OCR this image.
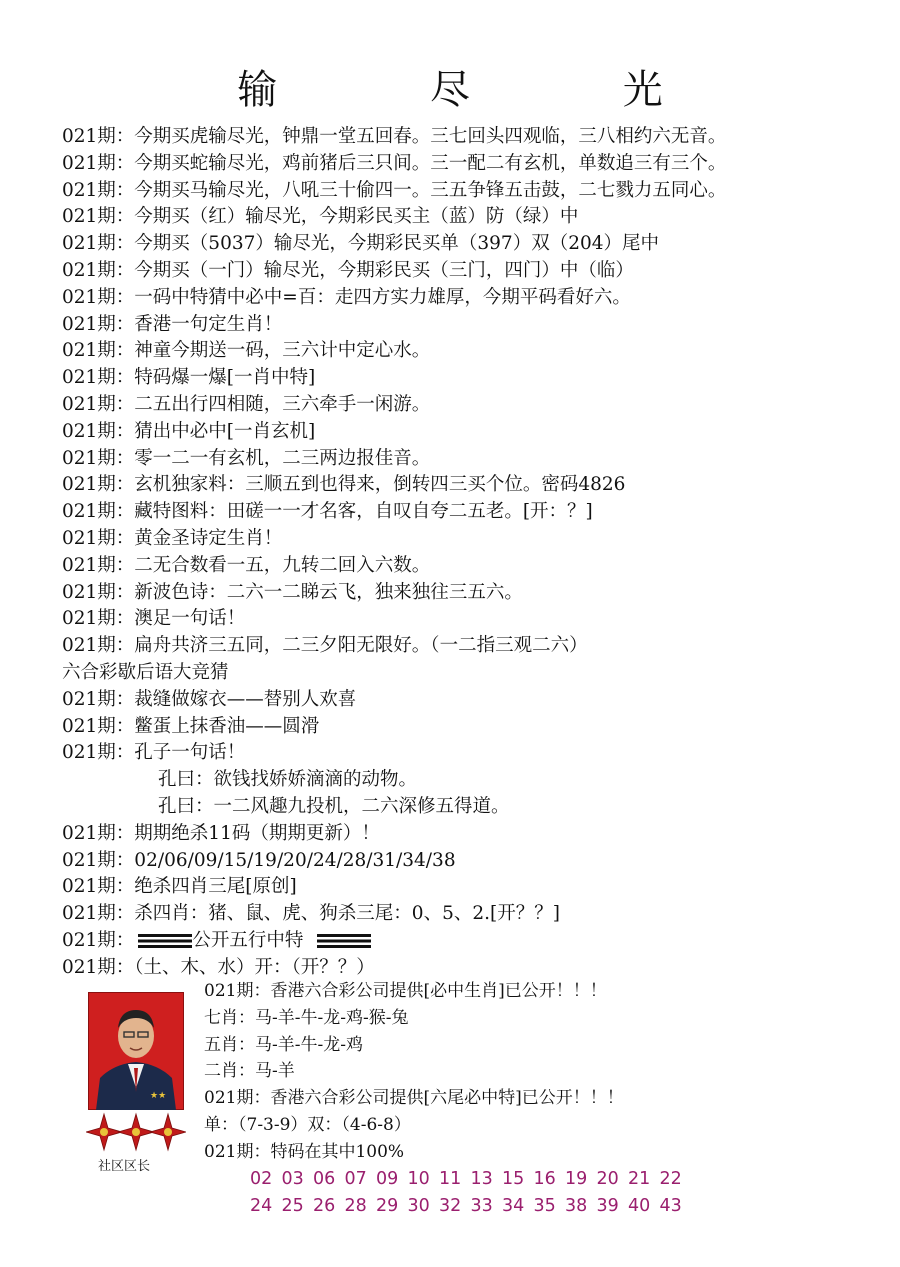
输 尽 光
021期：今期买虎输尽光，钟鼎一堂五回春。三七回头四观临，三八相约六无音。
021期：今期买蛇输尽光，鸡前猪后三只间。三一配二有玄机，单数追三有三个。
021期：今期买马输尽光，八吼三十偷四一。三五争锋五击鼓，二七戮力五同心。
021期：今期买（红）输尽光，今期彩民买主（蓝）防（绿）中
021期：今期买（5037）输尽光，今期彩民买单（397）双（204）尾中
021期：今期买（一门）输尽光，今期彩民买（三门，四门）中（临）
021期：一码中特猜中必中=百：走四方实力雄厚，今期平码看好六。
021期：香港一句定生肖！
021期：神童今期送一码，三六计中定心水。
021期：特码爆一爆[一肖中特]
021期：二五出行四相随，三六牵手一闲游。
021期：猜出中必中[一肖玄机]
021期：零一二一有玄机，二三两边报佳音。
021期：玄机独家料：三顺五到也得来，倒转四三买个位。密码4826
021期：藏特图料：田磋一一才名客，自叹自夸二五老。[开：？]
021期：黄金圣诗定生肖！
021期：二无合数看一五，九转二回入六数。
021期：新波色诗：二六一二睇云飞，独来独往三五六。
021期：澳足一句话！
021期：扁舟共济三五同，二三夕阳无限好。（一二指三观二六）
六合彩歇后语大竞猜
021期：裁缝做嫁衣——替别人欢喜
021期：鳖蛋上抹香油——圆滑
021期：孔子一句话！
孔曰：欲钱找娇娇滴滴的动物。
孔曰：一二风趣九投机，二六深修五得道。
021期：期期绝杀11码（期期更新）！
021期：02/06/09/15/19/20/24/28/31/34/38
021期：绝杀四肖三尾[原创]
021期：杀四肖：猪、鼠、虎、狗杀三尾：0、5、2.[开？？]
021期：	公开五行中特
021期：（土、木、水）开：（开？？）
★★
社区区长
021期：香港六合彩公司提供[必中生肖]已公开！！！
七肖：马-羊-牛-龙-鸡-猴-兔
五肖：马-羊-牛-龙-鸡
二肖：马-羊
021期：香港六合彩公司提供[六尾必中特]已公开！！！
单：（7-3-9）双：（4-6-8）
021期：特码在其中100%
02 03 06 07 09 10 11 13 15 16 19 20 21 22
24 25 26 28 29 30 32 33 34 35 38 39 40 43
